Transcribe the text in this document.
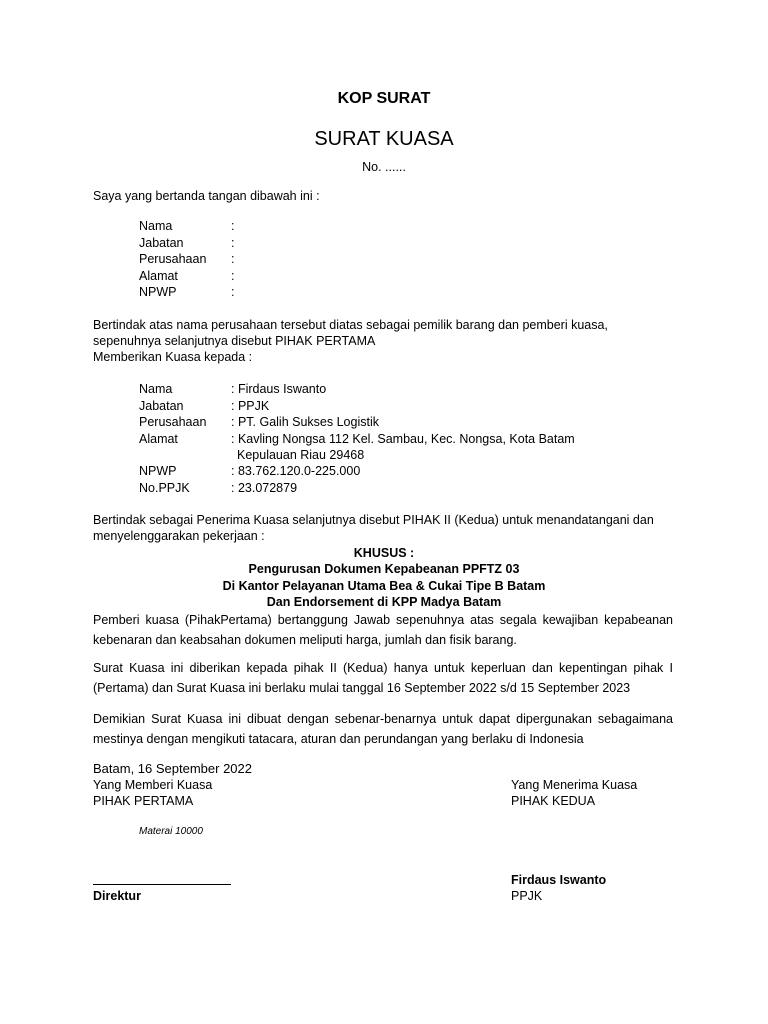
KOP SURAT
SURAT KUASA
No. ......
Saya yang bertanda tangan dibawah ini :
Nama	:
Jabatan	:
Perusahaan :
Alamat	:
NPWP	:
Bertindak atas nama perusahaan tersebut diatas sebagai pemilik barang dan pemberi kuasa,
sepenuhnya selanjutnya disebut PIHAK PERTAMA
Memberikan Kuasa kepada :
Nama	: Firdaus Iswanto
Jabatan	: PPJK
Perusahaan : PT. Galih Sukses Logistik
Alamat	: Kavling Nongsa 112 Kel. Sambau, Kec. Nongsa, Kota Batam
Kepulauan Riau 29468
NPWP	: 83.762.120.0-225.000
No.PPJK	: 23.072879
Bertindak sebagai Penerima Kuasa selanjutnya disebut PIHAK II (Kedua) untuk menandatangani dan
menyelenggarakan pekerjaan :
KHUSUS :
Pengurusan Dokumen Kepabeanan PPFTZ 03
Di Kantor Pelayanan Utama Bea & Cukai Tipe B Batam
Dan Endorsement di KPP Madya Batam
Pemberi kuasa (PihakPertama) bertanggung Jawab sepenuhnya atas segala kewajiban kepabeanan kebenaran dan keabsahan dokumen meliputi harga, jumlah dan fisik barang.
Surat Kuasa ini diberikan kepada pihak II (Kedua) hanya untuk keperluan dan kepentingan pihak I (Pertama) dan Surat Kuasa ini berlaku mulai tanggal 16 September 2022 s/d 15 September 2023
Demikian Surat Kuasa ini dibuat dengan sebenar-benarnya untuk dapat dipergunakan sebagaimana mestinya dengan mengikuti tatacara, aturan dan perundangan yang berlaku di Indonesia
Batam, 16 September 2022
Yang Memberi Kuasa
PIHAK PERTAMA
Materai 10000
Direktur
Yang Menerima Kuasa
PIHAK KEDUA
Firdaus Iswanto
PPJK
